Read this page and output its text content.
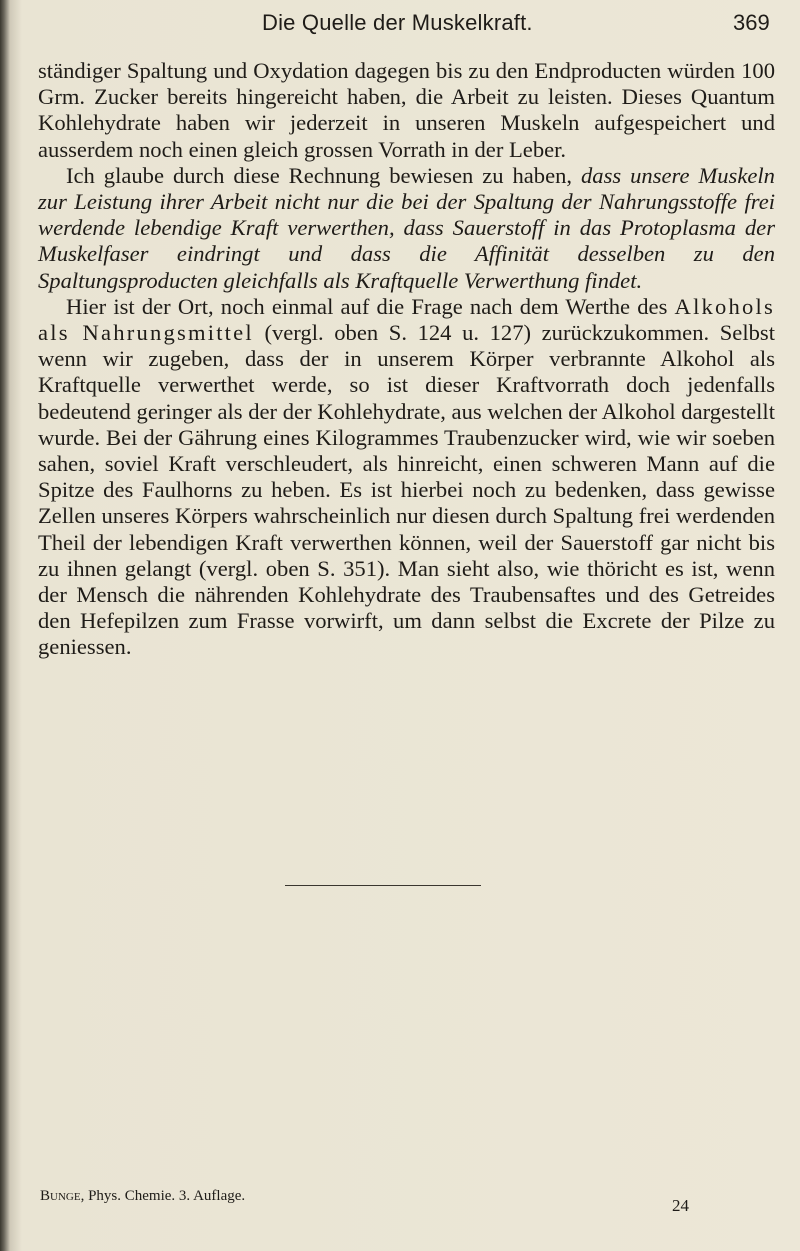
Die Quelle der Muskelkraft.	369

ständiger Spaltung und Oxydation dagegen bis zu den Endproducten würden 100 Grm. Zucker bereits hingereicht haben, die Arbeit zu leisten. Dieses Quantum Kohlehydrate haben wir jederzeit in unseren Muskeln aufgespeichert und ausserdem noch einen gleich grossen Vorrath in der Leber.

Ich glaube durch diese Rechnung bewiesen zu haben, dass unsere Muskeln zur Leistung ihrer Arbeit nicht nur die bei der Spaltung der Nahrungsstoffe frei werdende lebendige Kraft verwerthen, dass Sauerstoff in das Protoplasma der Muskelfaser eindringt und dass die Affinität desselben zu den Spaltungsproducten gleichfalls als Kraftquelle Verwerthung findet.

Hier ist der Ort, noch einmal auf die Frage nach dem Werthe des Alkohols als Nahrungsmittel (vergl. oben S. 124 u. 127) zurückzukommen. Selbst wenn wir zugeben, dass der in unserem Körper verbrannte Alkohol als Kraftquelle verwerthet werde, so ist dieser Kraftvorrath doch jedenfalls bedeutend geringer als der der Kohlehydrate, aus welchen der Alkohol dargestellt wurde. Bei der Gährung eines Kilogrammes Traubenzucker wird, wie wir soeben sahen, soviel Kraft verschleudert, als hinreicht, einen schweren Mann auf die Spitze des Faulhorns zu heben. Es ist hierbei noch zu bedenken, dass gewisse Zellen unseres Körpers wahrscheinlich nur diesen durch Spaltung frei werdenden Theil der lebendigen Kraft verwerthen können, weil der Sauerstoff gar nicht bis zu ihnen gelangt (vergl. oben S. 351). Man sieht also, wie thöricht es ist, wenn der Mensch die nährenden Kohlehydrate des Traubensaftes und des Getreides den Hefepilzen zum Frasse vorwirft, um dann selbst die Excrete der Pilze zu geniessen.

Bunge, Phys. Chemie. 3. Auflage.	24
